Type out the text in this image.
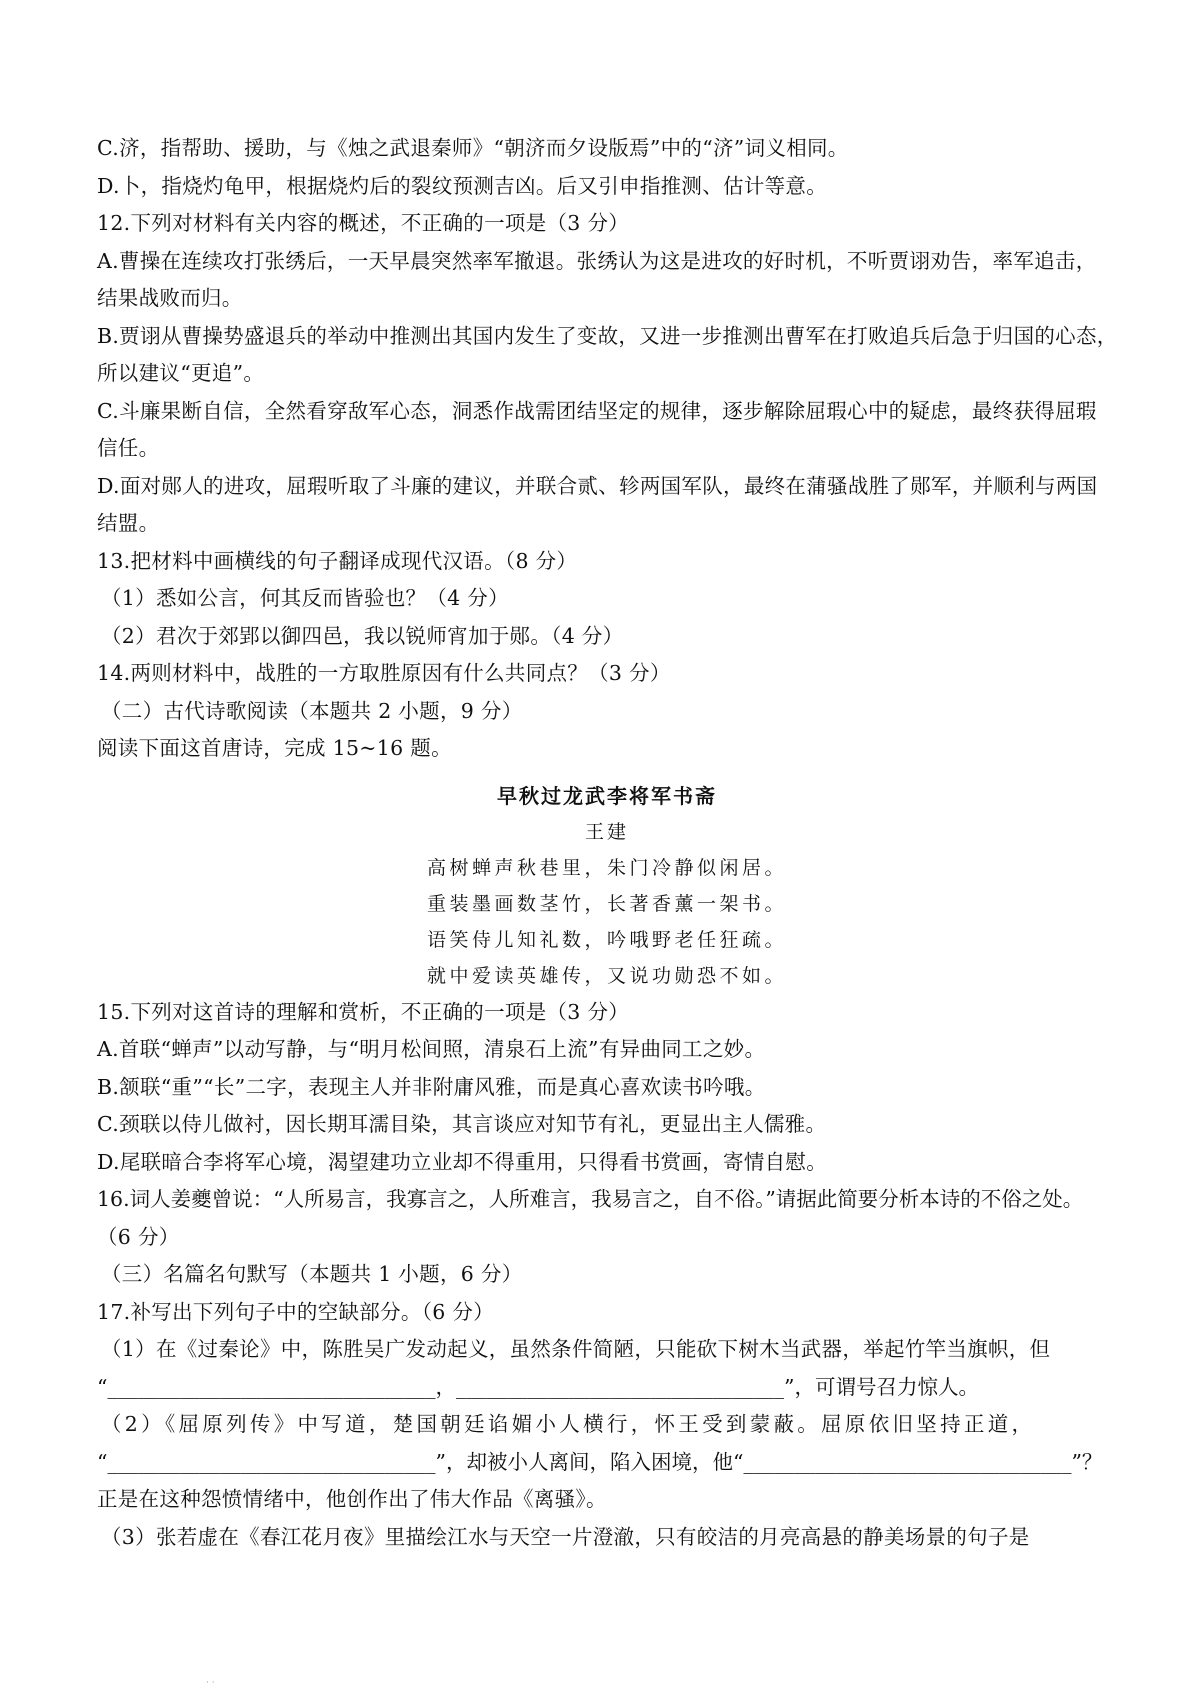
C.济，指帮助、援助，与《烛之武退秦师》“朝济而夕设版焉”中的“济”词义相同。
D.卜，指烧灼龟甲，根据烧灼后的裂纹预测吉凶。后又引申指推测、估计等意。
12.下列对材料有关内容的概述，不正确的一项是（3 分）
A.曹操在连续攻打张绣后，一天早晨突然率军撤退。张绣认为这是进攻的好时机，不听贾诩劝告，率军追击，
结果战败而归。
B.贾诩从曹操势盛退兵的举动中推测出其国内发生了变故，又进一步推测出曹军在打败追兵后急于归国的心态，
所以建议“更追”。
C.斗廉果断自信，全然看穿敌军心态，洞悉作战需团结坚定的规律，逐步解除屈瑕心中的疑虑，最终获得屈瑕
信任。
D.面对郧人的进攻，屈瑕听取了斗廉的建议，并联合贰、轸两国军队，最终在蒲骚战胜了郧军，并顺利与两国
结盟。
13.把材料中画横线的句子翻译成现代汉语。（8 分）
（1）悉如公言，何其反而皆验也？（4 分）
（2）君次于郊郢以御四邑，我以锐师宵加于郧。（4 分）
14.两则材料中，战胜的一方取胜原因有什么共同点？（3 分）
（二）古代诗歌阅读（本题共 2 小题，9 分）
阅读下面这首唐诗，完成 15~16 题。
早秋过龙武李将军书斋
王建
高树蝉声秋巷里，朱门冷静似闲居。
重装墨画数茎竹，长著香薰一架书。
语笑侍儿知礼数，吟哦野老任狂疏。
就中爱读英雄传，又说功勋恐不如。
15.下列对这首诗的理解和赏析，不正确的一项是（3 分）
A.首联“蝉声”以动写静，与“明月松间照，清泉石上流”有异曲同工之妙。
B.颔联“重”“长”二字，表现主人并非附庸风雅，而是真心喜欢读书吟哦。
C.颈联以侍儿做衬，因长期耳濡目染，其言谈应对知节有礼，更显出主人儒雅。
D.尾联暗合李将军心境，渴望建功立业却不得重用，只得看书赏画，寄情自慰。
16.词人姜夔曾说：“人所易言，我寡言之，人所难言，我易言之，自不俗。”请据此简要分析本诗的不俗之处。
（6 分）
（三）名篇名句默写（本题共 1 小题，6 分）
17.补写出下列句子中的空缺部分。（6 分）
（1）在《过秦论》中，陈胜吴广发动起义，虽然条件简陋，只能砍下树木当武器，举起竹竿当旗帜，但
“________________________________，________________________________”，可谓号召力惊人。
（2）《屈原列传》中写道，楚国朝廷谄媚小人横行，怀王受到蒙蔽。屈原依旧坚持正道，
“________________________________”，却被小人离间，陷入困境，他“________________________________”？
正是在这种怨愤情绪中，他创作出了伟大作品《离骚》。
（3）张若虚在《春江花月夜》里描绘江水与天空一片澄澈，只有皎洁的月亮高悬的静美场景的句子是
· ·
